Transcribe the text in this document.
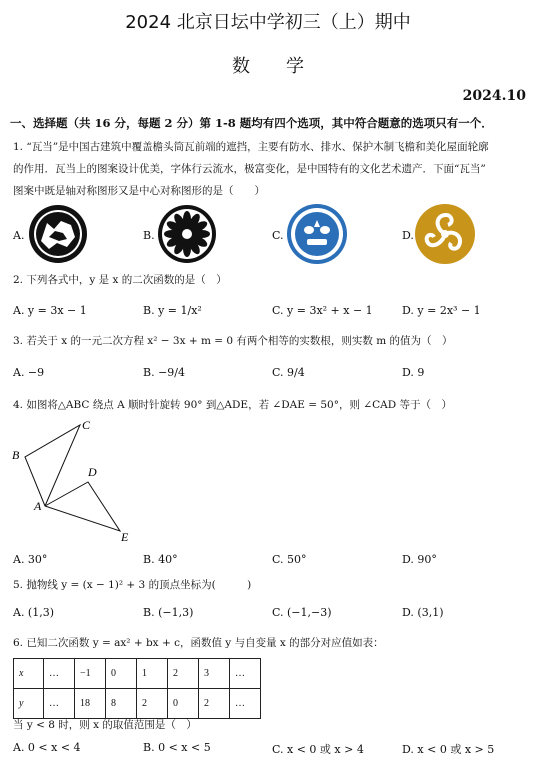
2024 北京日坛中学初三（上）期中
数学
2024.10
一、选择题（共 16 分，每题 2 分）第 1-8 题均有四个选项，其中符合题意的选项只有一个．
1. “瓦当”是中国古建筑中覆盖檐头筒瓦前端的遮挡，主要有防水、排水、保护木制飞檐和美化屋面轮廓
的作用．瓦当上的图案设计优美，字体行云流水，极富变化，是中国特有的文化艺术遗产．下面“瓦当”
图案中既是轴对称图形又是中心对称图形的是（　　）
A.	B.	C.	D.
2. 下列各式中，y 是 x 的二次函数的是（　）
A. y = 3x − 1	B. y = 1/x²	C. y = 3x² + x − 1	D. y = 2x³ − 1
3. 若关于 x 的一元二次方程 x² − 3x + m = 0 有两个相等的实数根，则实数 m 的值为（　）
A. −9	B. −9/4	C. 9/4	D. 9
4. 如图将△ABC 绕点 A 顺时针旋转 90° 到△ADE，若 ∠DAE = 50°，则 ∠CAD 等于（　）
C
B
D
A
E
A. 30°	B. 40°	C. 50°	D. 90°
5. 抛物线 y = (x − 1)² + 3 的顶点坐标为(　　　)
A. (1,3)	B. (−1,3)	C. (−1,−3)	D. (3,1)
6. 已知二次函数 y = ax² + bx + c，函数值 y 与自变量 x 的部分对应值如表：
x	…	−1	0	1	2	3	…
y	…	18	8	2	0	2	…
当 y < 8 时，则 x 的取值范围是（　）
A. 0 < x < 4	B. 0 < x < 5	C. x < 0 或 x > 4	D. x < 0 或 x > 5
